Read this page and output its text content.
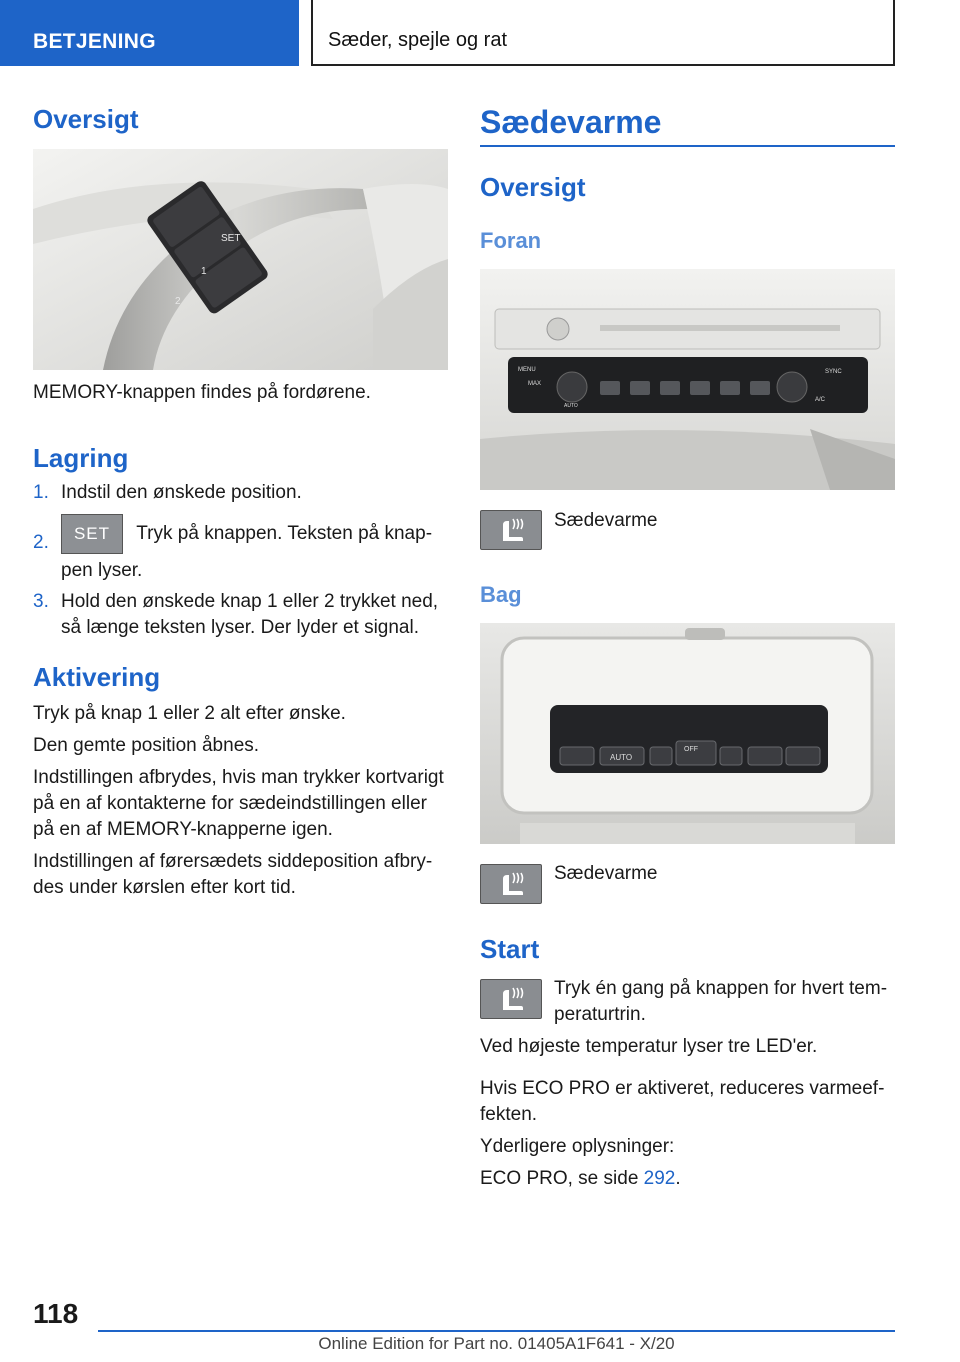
BETJENING	Sæder, spejle og rat
Oversigt
SET
1
2

MEMORY-knappen findes på fordørene.

Lagring
1. Indstil den ønskede position.
2.	SET Tryk på knappen. Teksten på knap-
pen lyser.
3. Hold den ønskede knap 1 eller 2 trykket ned,
så længe teksten lyser. Der lyder et signal.
Aktivering

Tryk på knap 1 eller 2 alt efter ønske.

Den gemte position åbnes.

Indstillingen afbrydes, hvis man trykker kortvarigt på en af kontakterne for sædeindstillingen eller på en af MEMORY-knapperne igen.

Indstillingen af førersædets siddeposition afbry-des under kørslen efter kort tid.

Sædevarme
Oversigt
Foran
MENU
MAX
AUTO
SYNC
A/C

Sædevarme

Bag
AUTO
OFF

Sædevarme

Start

Tryk én gang på knappen for hvert tem-peraturtrin.

Ved højeste temperatur lyser tre LED'er.

Hvis ECO PRO er aktiveret, reduceres varmeef-fekten.

Yderligere oplysninger:

ECO PRO, se side 292.

118
Online Edition for Part no. 01405A1F641 - X/20
